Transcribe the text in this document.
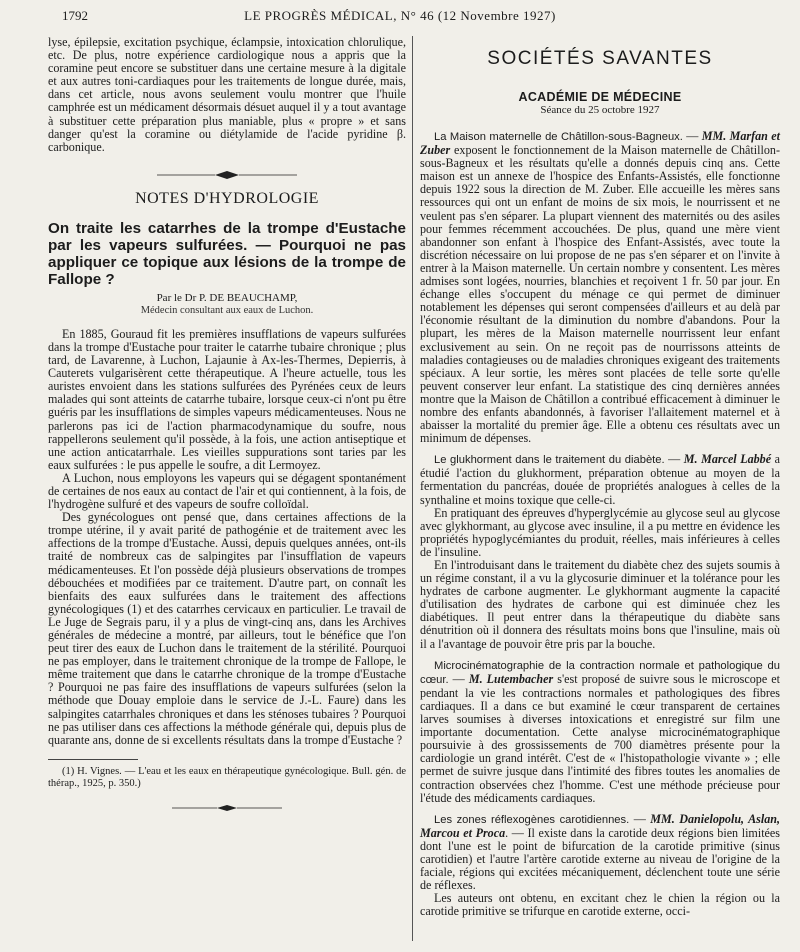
1792	LE PROGRÈS MÉDICAL, N° 46 (12 Novembre 1927)

lyse, épilepsie, excitation psychique, éclampsie, intoxication chlorulique, etc. De plus, notre expérience cardiologique nous a appris que la coramine peut encore se substituer dans une certaine mesure à la digitale et aux autres toni-cardiaques pour les traitements de longue durée, mais, dans cet article, nous avons seulement voulu montrer que l'huile camphrée est un médicament désormais désuet auquel il y a tout avantage à substituer cette préparation plus maniable, plus « propre » et sans danger qu'est la coramine ou diétylamide de l'acide pyridine β. carbonique.

NOTES D'HYDROLOGIE
On traite les catarrhes de la trompe d'Eustache par les vapeurs sulfurées. — Pourquoi ne pas appliquer ce topique aux lésions de la trompe de Fallope ?
Par le Dr P. DE BEAUCHAMP,
Médecin consultant aux eaux de Luchon.

En 1885, Gouraud fit les premières insufflations de vapeurs sulfurées dans la trompe d'Eustache pour traiter le catarrhe tubaire chronique ; plus tard, de Lavarenne, à Luchon, Lajaunie à Ax-les-Thermes, Depierris, à Cauterets vulgarisèrent cette thérapeutique. A l'heure actuelle, tous les auristes envoient dans les stations sulfurées des Pyrénées ceux de leurs malades qui sont atteints de catarrhe tubaire, lorsque ceux-ci n'ont pu être guéris par les insufflations de simples vapeurs médicamenteuses. Nous ne parlerons pas ici de l'action pharmacodynamique du soufre, nous rappellerons seulement qu'il possède, à la fois, une action antiseptique et une action anticatarrhale. Les vieilles suppurations sont taries par les eaux sulfurées : le pus appelle le soufre, a dit Lermoyez.

A Luchon, nous employons les vapeurs qui se dégagent spontanément de certaines de nos eaux au contact de l'air et qui contiennent, à la fois, de l'hydrogène sulfuré et des vapeurs de soufre colloïdal.

Des gynécologues ont pensé que, dans certaines affections de la trompe utérine, il y avait parité de pathogénie et de traitement avec les affections de la trompe d'Eustache. Aussi, depuis quelques années, ont-ils traité de nombreux cas de salpingites par l'insufflation de vapeurs médicamenteuses. Et l'on possède déjà plusieurs observations de trompes débouchées et modifiées par ce traitement. D'autre part, on connaît les bienfaits des eaux sulfurées dans le traitement des affections gynécologiques (1) et des catarrhes cervicaux en particulier. Le travail de Le Juge de Segrais paru, il y a plus de vingt-cinq ans, dans les Archives générales de médecine a montré, par ailleurs, tout le bénéfice que l'on peut tirer des eaux de Luchon dans le traitement de la stérilité. Pourquoi ne pas employer, dans le traitement chronique de la trompe de Fallope, le même traitement que dans le catarrhe chronique de la trompe d'Eustache ? Pourquoi ne pas faire des insufflations de vapeurs sulfurées (selon la méthode que Douay emploie dans le service de J.-L. Faure) dans les salpingites catarrhales chroniques et dans les sténoses tubaires ? Pourquoi ne pas utiliser dans ces affections la méthode générale qui, depuis plus de quarante ans, donne de si excellents résultats dans la trompe d'Eustache ?

(1) H. Vignes. — L'eau et les eaux en thérapeutique gynécologique. Bull. gén. de thérap., 1925, p. 350.)
SOCIÉTÉS SAVANTES
ACADÉMIE DE MÉDECINE
Séance du 25 octobre 1927

La Maison maternelle de Châtillon-sous-Bagneux. — MM. Marfan et Zuber exposent le fonctionnement de la Maison maternelle de Châtillon-sous-Bagneux et les résultats qu'elle a donnés depuis cinq ans. Cette maison est un annexe de l'hospice des Enfants-Assistés, elle fonctionne depuis 1922 sous la direction de M. Zuber. Elle accueille les mères sans ressources qui ont un enfant de moins de six mois, le nourrissent et ne veulent pas s'en séparer. La plupart viennent des maternités ou des asiles pour femmes récemment accouchées. De plus, quand une mère vient abandonner son enfant à l'hospice des Enfant-Assistés, avec toute la discrétion nécessaire on lui propose de ne pas s'en séparer et on l'invite à entrer à la Maison maternelle. Un certain nombre y consentent. Les mères admises sont logées, nourries, blanchies et reçoivent 1 fr. 50 par jour. En échange elles s'occupent du ménage ce qui permet de diminuer notablement les dépenses qui seront compensées d'ailleurs et au delà par l'économie résultant de la diminution du nombre d'abandons. Pour la plupart, les mères de la Maison maternelle nourrissent leur enfant exclusivement au sein. On ne reçoit pas de nourrissons atteints de maladies contagieuses ou de maladies chroniques exigeant des traitements spéciaux. A leur sortie, les mères sont placées de telle sorte qu'elle peuvent conserver leur enfant. La statistique des cinq dernières années montre que la Maison de Châtillon a contribué efficacement à diminuer le nombre des enfants abandonnés, à favoriser l'allaitement maternel et à abaisser la mortalité du premier âge. Elle a obtenu ces résultats avec un minimum de dépenses.

Le glukhorment dans le traitement du diabète. — M. Marcel Labbé a étudié l'action du glukhorment, préparation obtenue au moyen de la fermentation du pancréas, douée de propriétés analogues à celles de la synthaline et moins toxique que celle-ci.

En pratiquant des épreuves d'hyperglycémie au glycose seul au glycose avec glykhormant, au glycose avec insuline, il a pu mettre en évidence les propriétés hypoglycémiantes du produit, réelles, mais inférieures à celles de l'insuline.

En l'introduisant dans le traitement du diabète chez des sujets soumis à un régime constant, il a vu la glycosurie diminuer et la tolérance pour les hydrates de carbone augmenter. Le glykhormant augmente la capacité d'utilisation des hydrates de carbone qui est diminuée chez les diabétiques. Il peut entrer dans la thérapeutique du diabète sans dénutrition où il donnera des résultats moins bons que l'insuline, mais où il a l'avantage de pouvoir être pris par la bouche.

Microcinématographie de la contraction normale et pathologique du cœur. — M. Lutembacher s'est proposé de suivre sous le microscope et pendant la vie les contractions normales et pathologiques des fibres cardiaques. Il a dans ce but examiné le cœur transparent de certaines larves soumises à diverses intoxications et enregistré sur film une importante documentation. Cette analyse microcinématographique poursuivie à des grossissements de 700 diamètres présente pour la cardiologie un grand intérêt. C'est de « l'histopathologie vivante » ; elle permet de suivre jusque dans l'intimité des fibres toutes les anomalies de contraction observées chez l'homme. C'est une méthode précieuse pour l'étude des médicaments cardiaques.

Les zones réflexogènes carotidiennes. — MM. Danielopolu, Aslan, Marcou et Proca. — Il existe dans la carotide deux régions bien limitées dont l'une est le point de bifurcation de la carotide primitive (sinus carotidien) et l'autre l'artère carotide externe au niveau de l'origine de la faciale, régions qui excitées mécaniquement, déclenchent toute une série de réflexes.

Les auteurs ont obtenu, en excitant chez le chien la région ou la carotide primitive se trifurque en carotide externe, occi-
